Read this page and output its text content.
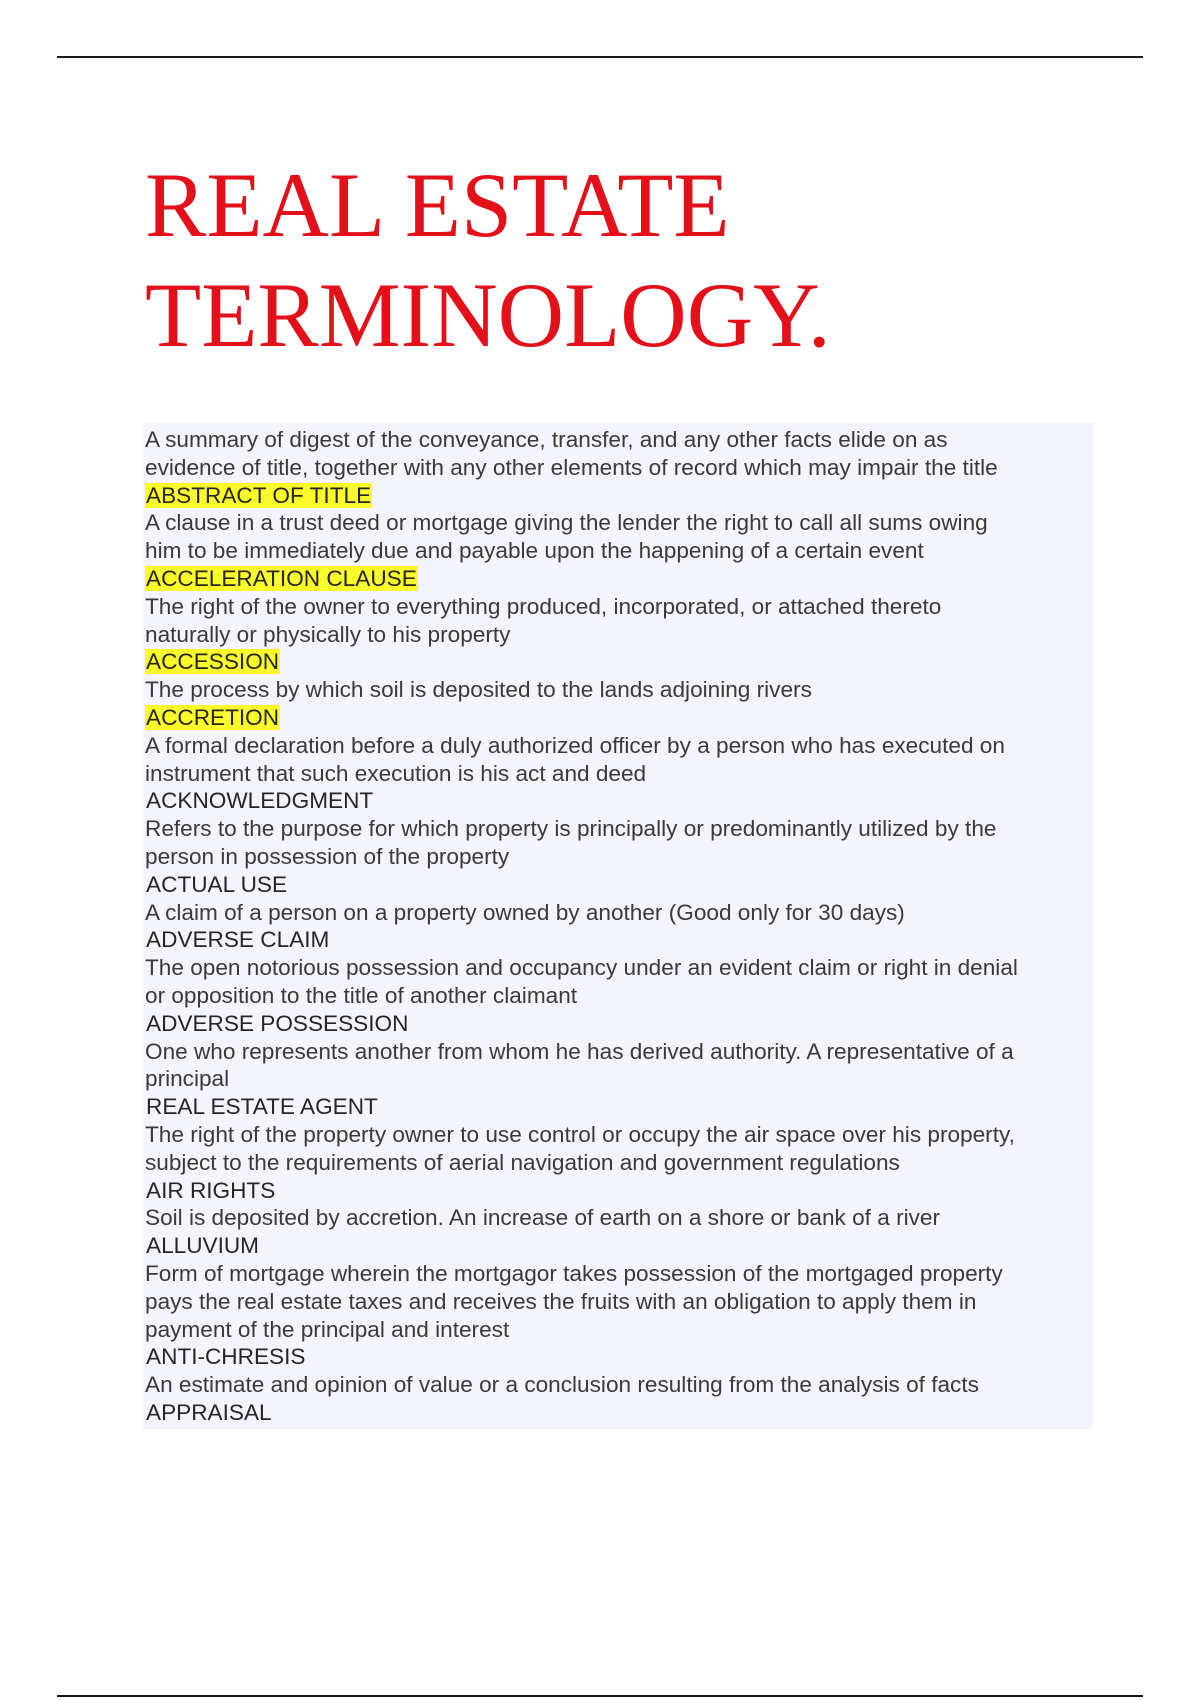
REAL ESTATE
TERMINOLOGY.
A summary of digest of the conveyance, transfer, and any other facts elide on as
evidence of title, together with any other elements of record which may impair the title
ABSTRACT OF TITLE
A clause in a trust deed or mortgage giving the lender the right to call all sums owing
him to be immediately due and payable upon the happening of a certain event
ACCELERATION CLAUSE
The right of the owner to everything produced, incorporated, or attached thereto
naturally or physically to his property
ACCESSION
The process by which soil is deposited to the lands adjoining rivers
ACCRETION
A formal declaration before a duly authorized officer by a person who has executed on
instrument that such execution is his act and deed
ACKNOWLEDGMENT
Refers to the purpose for which property is principally or predominantly utilized by the
person in possession of the property
ACTUAL USE
A claim of a person on a property owned by another (Good only for 30 days)
ADVERSE CLAIM
The open notorious possession and occupancy under an evident claim or right in denial
or opposition to the title of another claimant
ADVERSE POSSESSION
One who represents another from whom he has derived authority. A representative of a
principal
REAL ESTATE AGENT
The right of the property owner to use control or occupy the air space over his property,
subject to the requirements of aerial navigation and government regulations
AIR RIGHTS
Soil is deposited by accretion. An increase of earth on a shore or bank of a river
ALLUVIUM
Form of mortgage wherein the mortgagor takes possession of the mortgaged property
pays the real estate taxes and receives the fruits with an obligation to apply them in
payment of the principal and interest
ANTI-CHRESIS
An estimate and opinion of value or a conclusion resulting from the analysis of facts
APPRAISAL
